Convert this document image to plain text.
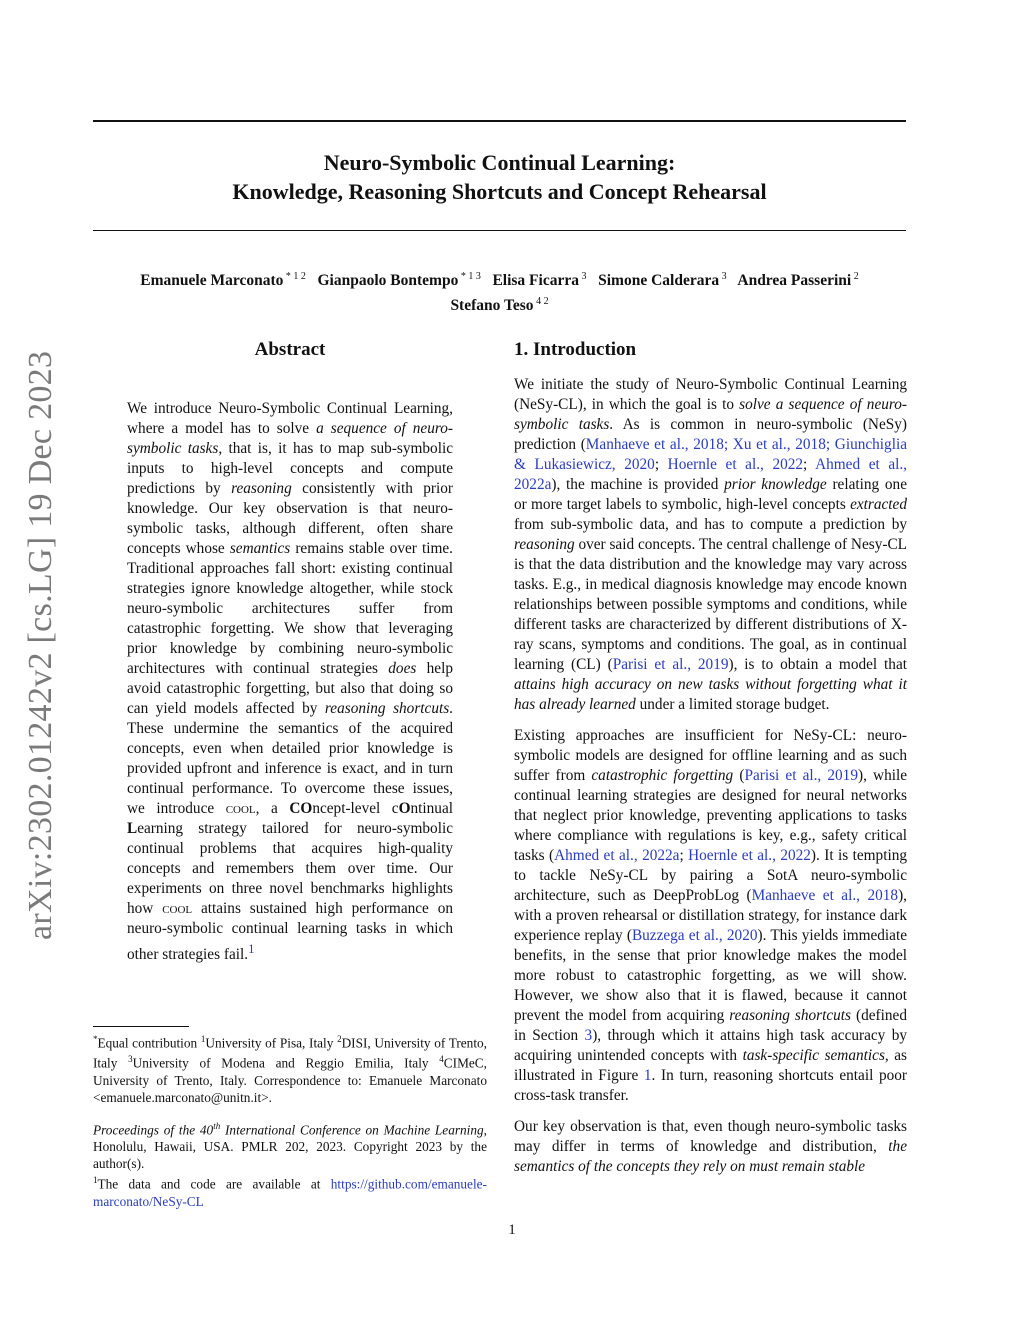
arXiv:2302.01242v2 [cs.LG] 19 Dec 2023
Neuro-Symbolic Continual Learning:
Knowledge, Reasoning Shortcuts and Concept Rehearsal
Emanuele Marconato $^{* 1 2}$ Gianpaolo Bontempo $^{* 1 3}$ Elisa Ficarra $^3$ Simone Calderara $^3$ Andrea Passerini $^2$
Stefano Teso $^{4 2}$
Abstract
We introduce Neuro-Symbolic Continual Learning, where a model has to solve a sequence of neuro-symbolic tasks, that is, it has to map sub-symbolic inputs to high-level concepts and compute predictions by reasoning consistently with prior knowledge. Our key observation is that neuro-symbolic tasks, although different, often share concepts whose semantics remains stable over time. Traditional approaches fall short: existing continual strategies ignore knowledge altogether, while stock neuro-symbolic architectures suffer from catastrophic forgetting. We show that leveraging prior knowledge by combining neuro-symbolic architectures with continual strategies does help avoid catastrophic forgetting, but also that doing so can yield models affected by reasoning shortcuts. These undermine the semantics of the acquired concepts, even when detailed prior knowledge is provided upfront and inference is exact, and in turn continual performance. To overcome these issues, we introduce cool, a COncept-level cOntinual Learning strategy tailored for neuro-symbolic continual problems that acquires high-quality concepts and remembers them over time. Our experiments on three novel benchmarks highlights how cool attains sustained high performance on neuro-symbolic continual learning tasks in which other strategies fail.$^1$
1. Introduction

We initiate the study of Neuro-Symbolic Continual Learning (NeSy-CL), in which the goal is to solve a sequence of neuro-symbolic tasks. As is common in neuro-symbolic (NeSy) prediction (Manhaeve et al., 2018; Xu et al., 2018; Giunchiglia & Lukasiewicz, 2020; Hoernle et al., 2022; Ahmed et al., 2022a), the machine is provided prior knowledge relating one or more target labels to symbolic, high-level concepts extracted from sub-symbolic data, and has to compute a prediction by reasoning over said concepts. The central challenge of Nesy-CL is that the data distribution and the knowledge may vary across tasks. E.g., in medical diagnosis knowledge may encode known relationships between possible symptoms and conditions, while different tasks are characterized by different distributions of X-ray scans, symptoms and conditions. The goal, as in continual learning (CL) (Parisi et al., 2019), is to obtain a model that attains high accuracy on new tasks without forgetting what it has already learned under a limited storage budget.

Existing approaches are insufficient for NeSy-CL: neuro-symbolic models are designed for offline learning and as such suffer from catastrophic forgetting (Parisi et al., 2019), while continual learning strategies are designed for neural networks that neglect prior knowledge, preventing applications to tasks where compliance with regulations is key, e.g., safety critical tasks (Ahmed et al., 2022a; Hoernle et al., 2022). It is tempting to tackle NeSy-CL by pairing a SotA neuro-symbolic architecture, such as DeepProbLog (Manhaeve et al., 2018), with a proven rehearsal or distillation strategy, for instance dark experience replay (Buzzega et al., 2020). This yields immediate benefits, in the sense that prior knowledge makes the model more robust to catastrophic forgetting, as we will show. However, we show also that it is flawed, because it cannot prevent the model from acquiring reasoning shortcuts (defined in Section 3), through which it attains high task accuracy by acquiring unintended concepts with task-specific semantics, as illustrated in Figure 1. In turn, reasoning shortcuts entail poor cross-task transfer.

Our key observation is that, even though neuro-symbolic tasks may differ in terms of knowledge and distribution, the semantics of the concepts they rely on must remain stable

*Equal contribution $^1$University of Pisa, Italy $^2$DISI, University of Trento, Italy $^3$University of Modena and Reggio Emilia, Italy $^4$CIMeC, University of Trento, Italy. Correspondence to: Emanuele Marconato <emanuele.marconato@unitn.it>.

Proceedings of the 40th International Conference on Machine Learning, Honolulu, Hawaii, USA. PMLR 202, 2023. Copyright 2023 by the author(s).

$^1$The data and code are available at https://github.com/emanuele-marconato/NeSy-CL

1
